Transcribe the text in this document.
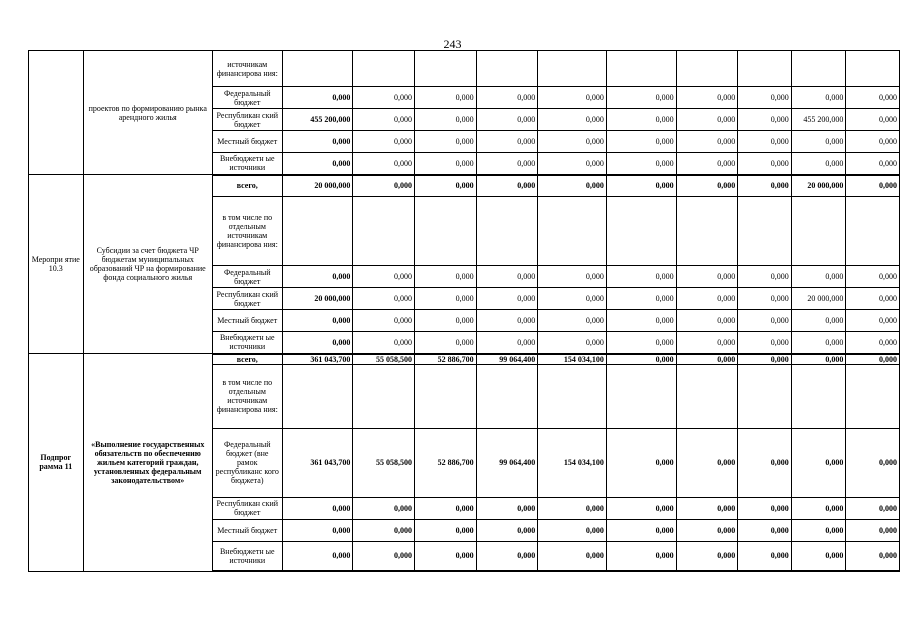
243
	проектов по формированию рынка арендного жилья	источникам финансирова ния:										
		Федеральный бюджет	0,000	0,000	0,000	0,000	0,000	0,000	0,000	0,000	0,000	0,000
		Республикан ский бюджет	455 200,000	0,000	0,000	0,000	0,000	0,000	0,000	0,000	455 200,000	0,000
		Местный бюджет	0,000	0,000	0,000	0,000	0,000	0,000	0,000	0,000	0,000	0,000
		Внебюджетн ые источники	0,000	0,000	0,000	0,000	0,000	0,000	0,000	0,000	0,000	0,000
Меропри ятие 10.3	Субсидии за счет бюджета ЧР бюджетам муниципальных образований ЧР на формирование фонда социального жилья	всего,	20 000,000	0,000	0,000	0,000	0,000	0,000	0,000	0,000	20 000,000	0,000
		в том числе по отдельным источникам финансирова ния:										
		Федеральный бюджет	0,000	0,000	0,000	0,000	0,000	0,000	0,000	0,000	0,000	0,000
		Республикан ский бюджет	20 000,000	0,000	0,000	0,000	0,000	0,000	0,000	0,000	20 000,000	0,000
		Местный бюджет	0,000	0,000	0,000	0,000	0,000	0,000	0,000	0,000	0,000	0,000
		Внебюджетн ые источники	0,000	0,000	0,000	0,000	0,000	0,000	0,000	0,000	0,000	0,000
Подпрог рамма 11	«Выполнение государственных обязательств по обеспечению жильем категорий граждан, установленных федеральным законодательством»	всего,	361 043,700	55 058,500	52 886,700	99 064,400	154 034,100	0,000	0,000	0,000	0,000	0,000
		в том числе по отдельным источникам финансирова ния:										
		Федеральный бюджет (вне рамок республиканс кого бюджета)	361 043,700	55 058,500	52 886,700	99 064,400	154 034,100	0,000	0,000	0,000	0,000	0,000
		Республикан ский бюджет	0,000	0,000	0,000	0,000	0,000	0,000	0,000	0,000	0,000	0,000
		Местный бюджет	0,000	0,000	0,000	0,000	0,000	0,000	0,000	0,000	0,000	0,000
		Внебюджетн ые источники	0,000	0,000	0,000	0,000	0,000	0,000	0,000	0,000	0,000	0,000
